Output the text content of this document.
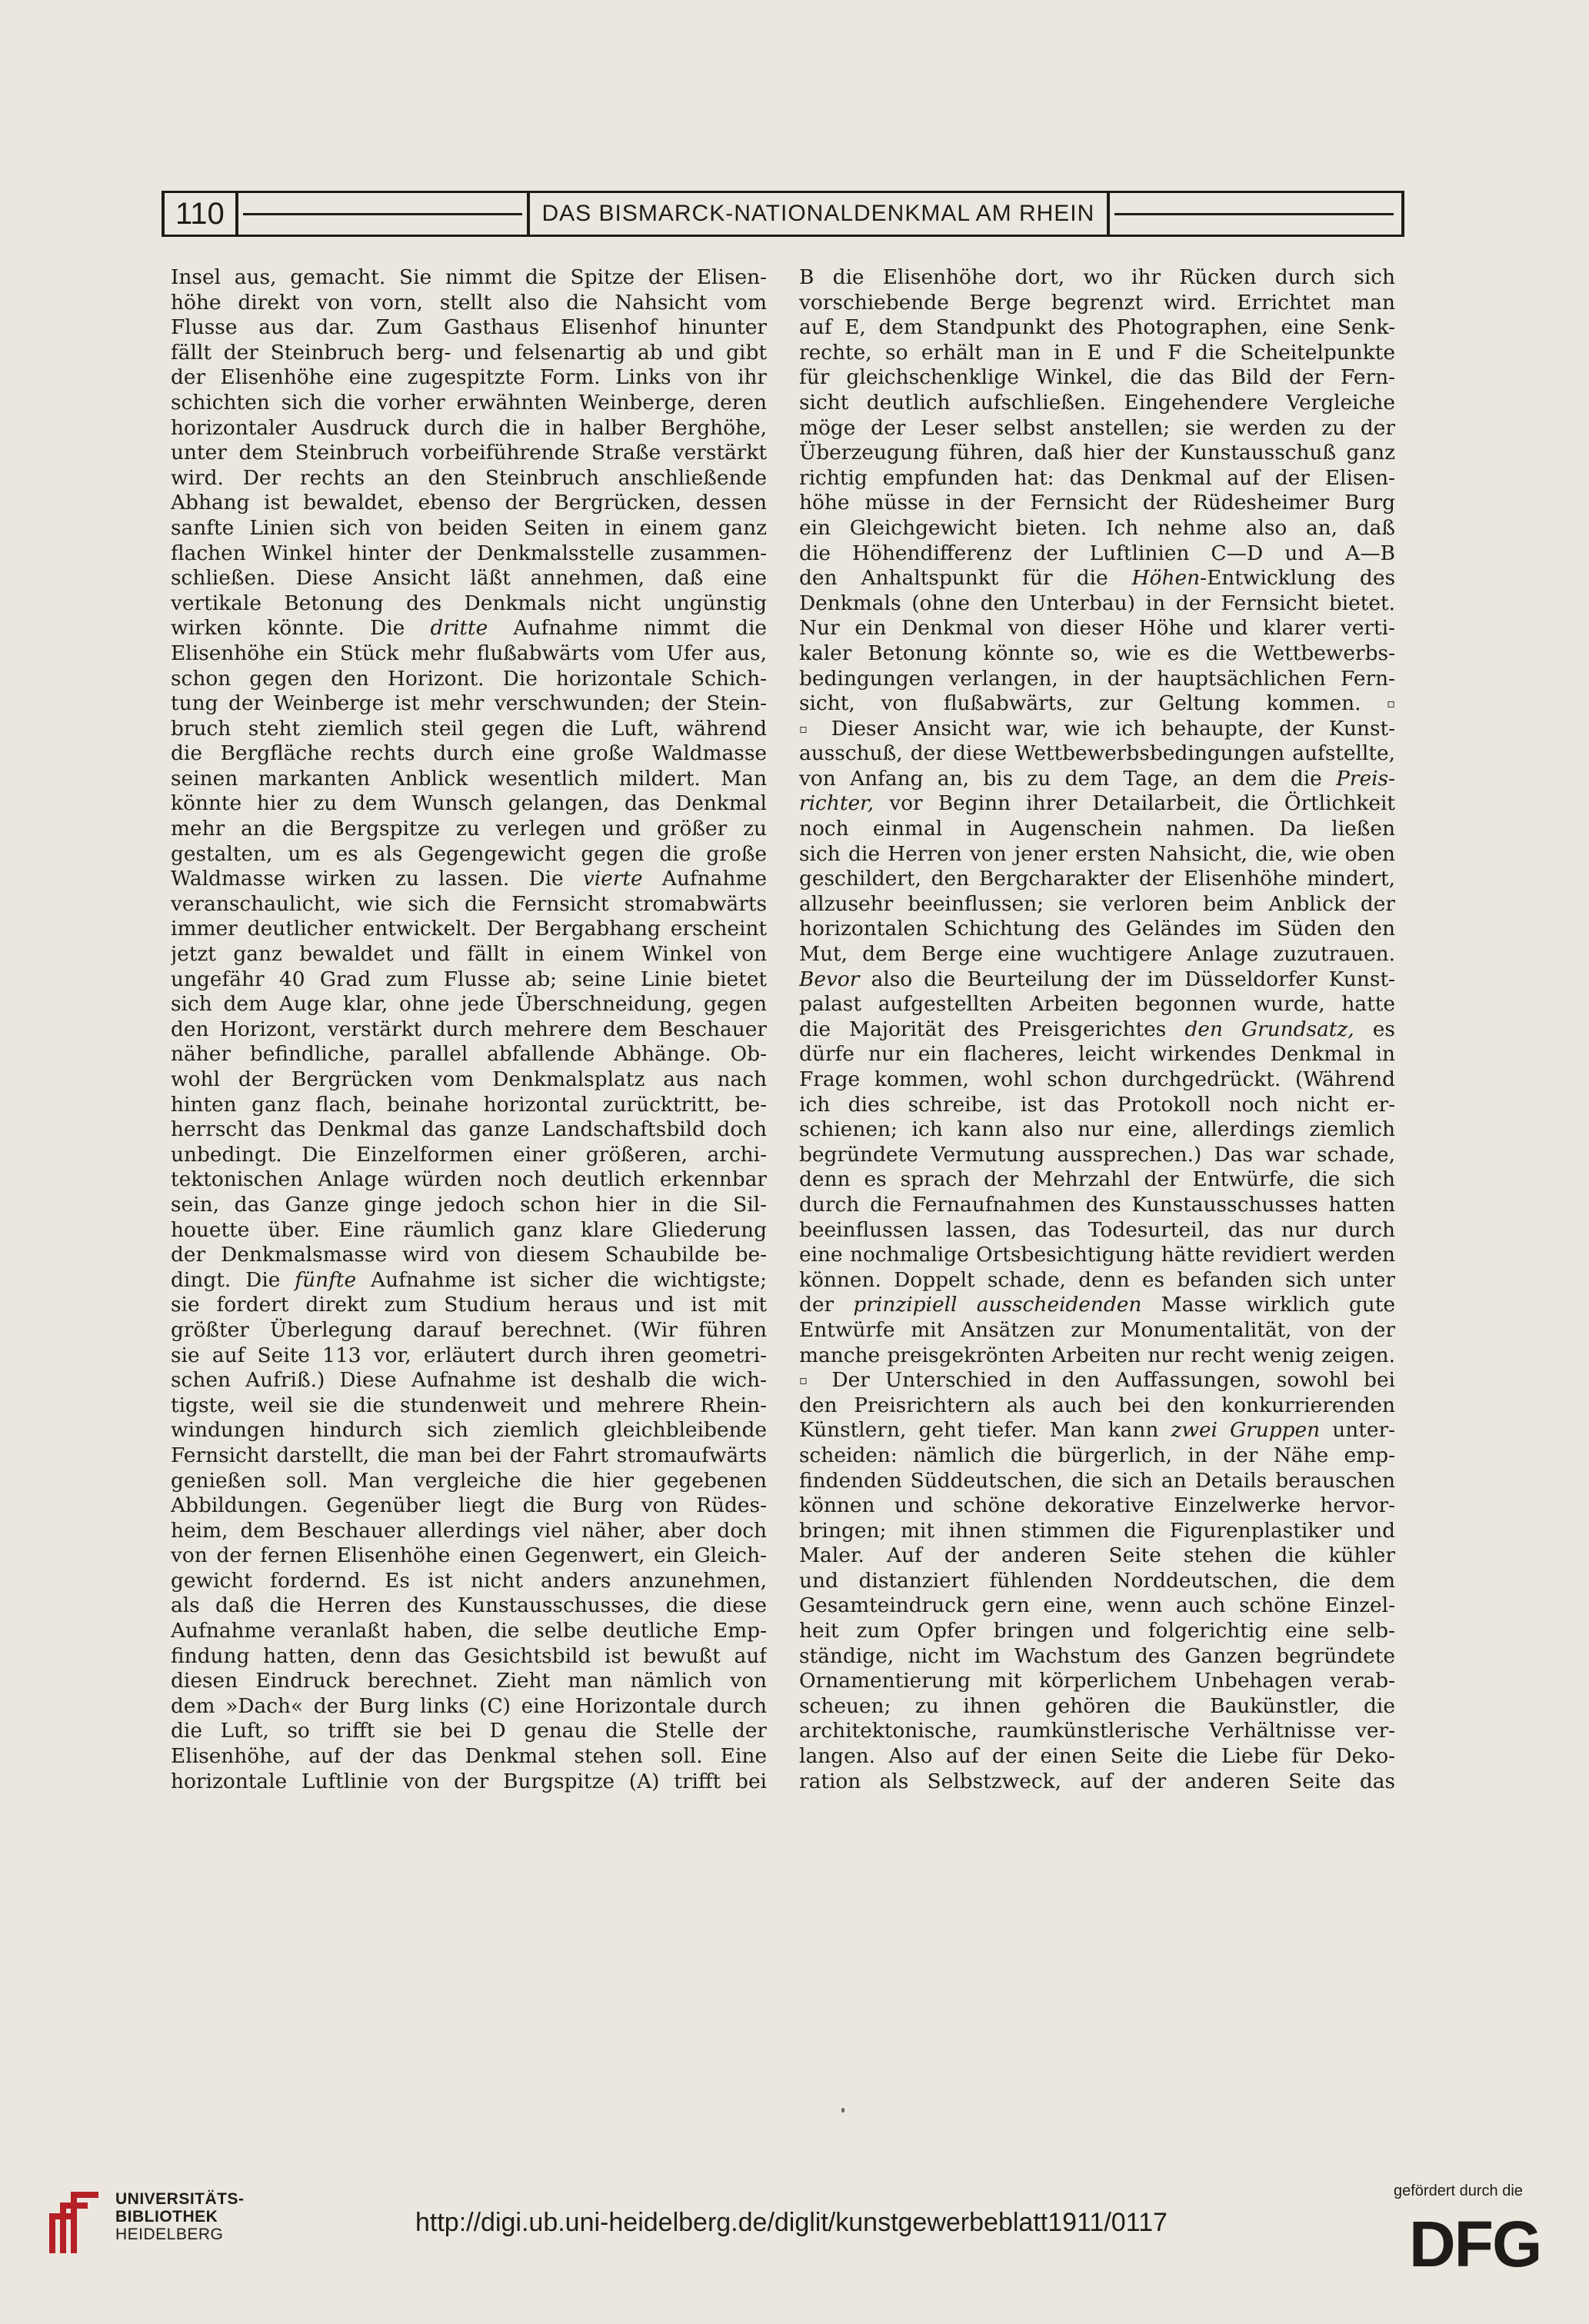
110	DAS BISMARCK-NATIONALDENKMAL AM RHEIN
Insel aus, gemacht. Sie nimmt die Spitze der Elisen-
höhe direkt von vorn, stellt also die Nahsicht vom
Flusse aus dar. Zum Gasthaus Elisenhof hinunter
fällt der Steinbruch berg- und felsenartig ab und gibt
der Elisenhöhe eine zugespitzte Form. Links von ihr
schichten sich die vorher erwähnten Weinberge, deren
horizontaler Ausdruck durch die in halber Berghöhe,
unter dem Steinbruch vorbeiführende Straße verstärkt
wird. Der rechts an den Steinbruch anschließende
Abhang ist bewaldet, ebenso der Bergrücken, dessen
sanfte Linien sich von beiden Seiten in einem ganz
flachen Winkel hinter der Denkmalsstelle zusammen-
schließen. Diese Ansicht läßt annehmen, daß eine
vertikale Betonung des Denkmals nicht ungünstig
wirken könnte. Die dritte Aufnahme nimmt die
Elisenhöhe ein Stück mehr flußabwärts vom Ufer aus,
schon gegen den Horizont. Die horizontale Schich-
tung der Weinberge ist mehr verschwunden; der Stein-
bruch steht ziemlich steil gegen die Luft, während
die Bergfläche rechts durch eine große Waldmasse
seinen markanten Anblick wesentlich mildert. Man
könnte hier zu dem Wunsch gelangen, das Denkmal
mehr an die Bergspitze zu verlegen und größer zu
gestalten, um es als Gegengewicht gegen die große
Waldmasse wirken zu lassen. Die vierte Aufnahme
veranschaulicht, wie sich die Fernsicht stromabwärts
immer deutlicher entwickelt. Der Bergabhang erscheint
jetzt ganz bewaldet und fällt in einem Winkel von
ungefähr 40 Grad zum Flusse ab; seine Linie bietet
sich dem Auge klar, ohne jede Überschneidung, gegen
den Horizont, verstärkt durch mehrere dem Beschauer
näher befindliche, parallel abfallende Abhänge. Ob-
wohl der Bergrücken vom Denkmalsplatz aus nach
hinten ganz flach, beinahe horizontal zurücktritt, be-
herrscht das Denkmal das ganze Landschaftsbild doch
unbedingt. Die Einzelformen einer größeren, archi-
tektonischen Anlage würden noch deutlich erkennbar
sein, das Ganze ginge jedoch schon hier in die Sil-
houette über. Eine räumlich ganz klare Gliederung
der Denkmalsmasse wird von diesem Schaubilde be-
dingt. Die fünfte Aufnahme ist sicher die wichtigste;
sie fordert direkt zum Studium heraus und ist mit
größter Überlegung darauf berechnet. (Wir führen
sie auf Seite 113 vor, erläutert durch ihren geometri-
schen Aufriß.) Diese Aufnahme ist deshalb die wich-
tigste, weil sie die stundenweit und mehrere Rhein-
windungen hindurch sich ziemlich gleichbleibende
Fernsicht darstellt, die man bei der Fahrt stromaufwärts
genießen soll. Man vergleiche die hier gegebenen
Abbildungen. Gegenüber liegt die Burg von Rüdes-
heim, dem Beschauer allerdings viel näher, aber doch
von der fernen Elisenhöhe einen Gegenwert, ein Gleich-
gewicht fordernd. Es ist nicht anders anzunehmen,
als daß die Herren des Kunstausschusses, die diese
Aufnahme veranlaßt haben, die selbe deutliche Emp-
findung hatten, denn das Gesichtsbild ist bewußt auf
diesen Eindruck berechnet. Zieht man nämlich von
dem »Dach« der Burg links (C) eine Horizontale durch
die Luft, so trifft sie bei D genau die Stelle der
Elisenhöhe, auf der das Denkmal stehen soll. Eine
horizontale Luftlinie von der Burgspitze (A) trifft bei
B die Elisenhöhe dort, wo ihr Rücken durch sich
vorschiebende Berge begrenzt wird. Errichtet man
auf E, dem Standpunkt des Photographen, eine Senk-
rechte, so erhält man in E und F die Scheitelpunkte
für gleichschenklige Winkel, die das Bild der Fern-
sicht deutlich aufschließen. Eingehendere Vergleiche
möge der Leser selbst anstellen; sie werden zu der
Überzeugung führen, daß hier der Kunstausschuß ganz
richtig empfunden hat: das Denkmal auf der Elisen-
höhe müsse in der Fernsicht der Rüdesheimer Burg
ein Gleichgewicht bieten. Ich nehme also an, daß
die Höhendifferenz der Luftlinien C—D und A—B
den Anhaltspunkt für die Höhen-Entwicklung des
Denkmals (ohne den Unterbau) in der Fernsicht bietet.
Nur ein Denkmal von dieser Höhe und klarer verti-
kaler Betonung könnte so, wie es die Wettbewerbs-
bedingungen verlangen, in der hauptsächlichen Fern-
sicht, von flußabwärts, zur Geltung kommen. ▫
▫ Dieser Ansicht war, wie ich behaupte, der Kunst-
ausschuß, der diese Wettbewerbsbedingungen aufstellte,
von Anfang an, bis zu dem Tage, an dem die Preis-
richter, vor Beginn ihrer Detailarbeit, die Örtlichkeit
noch einmal in Augenschein nahmen. Da ließen
sich die Herren von jener ersten Nahsicht, die, wie oben
geschildert, den Bergcharakter der Elisenhöhe mindert,
allzusehr beeinflussen; sie verloren beim Anblick der
horizontalen Schichtung des Geländes im Süden den
Mut, dem Berge eine wuchtigere Anlage zuzutrauen.
Bevor also die Beurteilung der im Düsseldorfer Kunst-
palast aufgestellten Arbeiten begonnen wurde, hatte
die Majorität des Preisgerichtes den Grundsatz, es
dürfe nur ein flacheres, leicht wirkendes Denkmal in
Frage kommen, wohl schon durchgedrückt. (Während
ich dies schreibe, ist das Protokoll noch nicht er-
schienen; ich kann also nur eine, allerdings ziemlich
begründete Vermutung aussprechen.) Das war schade,
denn es sprach der Mehrzahl der Entwürfe, die sich
durch die Fernaufnahmen des Kunstausschusses hatten
beeinflussen lassen, das Todesurteil, das nur durch
eine nochmalige Ortsbesichtigung hätte revidiert werden
können. Doppelt schade, denn es befanden sich unter
der prinzipiell ausscheidenden Masse wirklich gute
Entwürfe mit Ansätzen zur Monumentalität, von der
manche preisgekrönten Arbeiten nur recht wenig zeigen.
▫ Der Unterschied in den Auffassungen, sowohl bei
den Preisrichtern als auch bei den konkurrierenden
Künstlern, geht tiefer. Man kann zwei Gruppen unter-
scheiden: nämlich die bürgerlich, in der Nähe emp-
findenden Süddeutschen, die sich an Details berauschen
können und schöne dekorative Einzelwerke hervor-
bringen; mit ihnen stimmen die Figurenplastiker und
Maler. Auf der anderen Seite stehen die kühler
und distanziert fühlenden Norddeutschen, die dem
Gesamteindruck gern eine, wenn auch schöne Einzel-
heit zum Opfer bringen und folgerichtig eine selb-
ständige, nicht im Wachstum des Ganzen begründete
Ornamentierung mit körperlichem Unbehagen verab-
scheuen; zu ihnen gehören die Baukünstler, die
architektonische, raumkünstlerische Verhältnisse ver-
langen. Also auf der einen Seite die Liebe für Deko-
ration als Selbstzweck, auf der anderen Seite das
UNIVERSITÄTS-
BIBLIOTHEK
HEIDELBERG	http://digi.ub.uni-heidelberg.de/diglit/kunstgewerbeblatt1911/0117
gefördert durch die
DFG
